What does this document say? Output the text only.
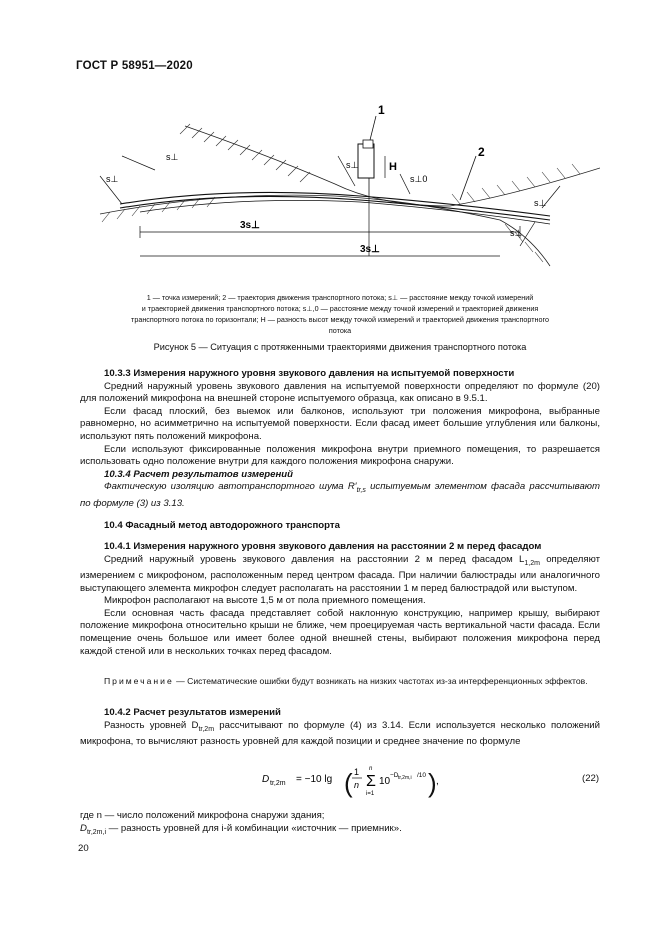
ГОСТ Р 58951—2020
1
2
H
s⊥
s⊥
s⊥
s⊥0
s⊥
s⊥
3s⊥
3s⊥
1 — точка измерений; 2 — траектория движения транспортного потока; s⊥ — расстояние между точкой измерений
и траекторией движения транспортного потока; s⊥,0 — расстояние между точкой измерений и траекторией движения
транспортного потока по горизонтали; H — разность высот между точкой измерений и траекторией движения транспортного
потока
Рисунок 5 — Ситуация с протяженными траекториями движения транспортного потока
10.3.3 Измерения наружного уровня звукового давления на испытуемой поверхности
Средний наружный уровень звукового давления на испытуемой поверхности определяют по формуле (20) для положений микрофона на внешней стороне испытуемого образца, как описано в 9.5.1.
Если фасад плоский, без выемок или балконов, используют три положения микрофона, выбранные равномерно, но асимметрично на испытуемой поверхности. Если фасад имеет большие углубления или балконы, используют пять положений микрофона.
Если используют фиксированные положения микрофона внутри приемного помещения, то разрешается использовать одно положение внутри для каждого положения микрофона снаружи.
10.3.4 Расчет результатов измерений
Фактическую изоляцию автотранспортного шума $R'_{tr,s}$ испытуемым элементом фасада рассчитывают по формуле (3) из 3.13.
10.4 Фасадный метод автодорожного транспорта
10.4.1 Измерения наружного уровня звукового давления на расстоянии 2 м перед фасадом
Средний наружный уровень звукового давления на расстоянии 2 м перед фасадом $L_{1,2m}$ определяют измерением с микрофоном, расположенным перед центром фасада. При наличии балюстрады или аналогичного выступающего элемента микрофон следует располагать на расстоянии 1 м перед балюстрадой или выступом.
Микрофон располагают на высоте 1,5 м от пола приемного помещения.
Если основная часть фасада представляет собой наклонную конструкцию, например крышу, выбирают положение микрофона относительно крыши не ближе, чем проецируемая часть вертикальной части фасада. Если помещение очень большое или имеет более одной внешней стены, выбирают положения микрофона перед каждой стеной или в нескольких точках перед фасадом.
Примечание — Систематические ошибки будут возникать на низких частотах из-за интерференционных эффектов.
10.4.2 Расчет результатов измерений
Разность уровней $D_{tr,2m}$ рассчитывают по формуле (4) из 3.14. Если используется несколько положений микрофона, то вычисляют разность уровней для каждой позиции и среднее значение по формуле
D tr,2m = −10 lg ( 1
n Σ
n
i=1
10
−D tr,2m,i /10 ) ,	(22)
где n — число положений микрофона снаружи здания;
$D_{tr,2m,i}$ — разность уровней для i-й комбинации «источник — приемник».
20
